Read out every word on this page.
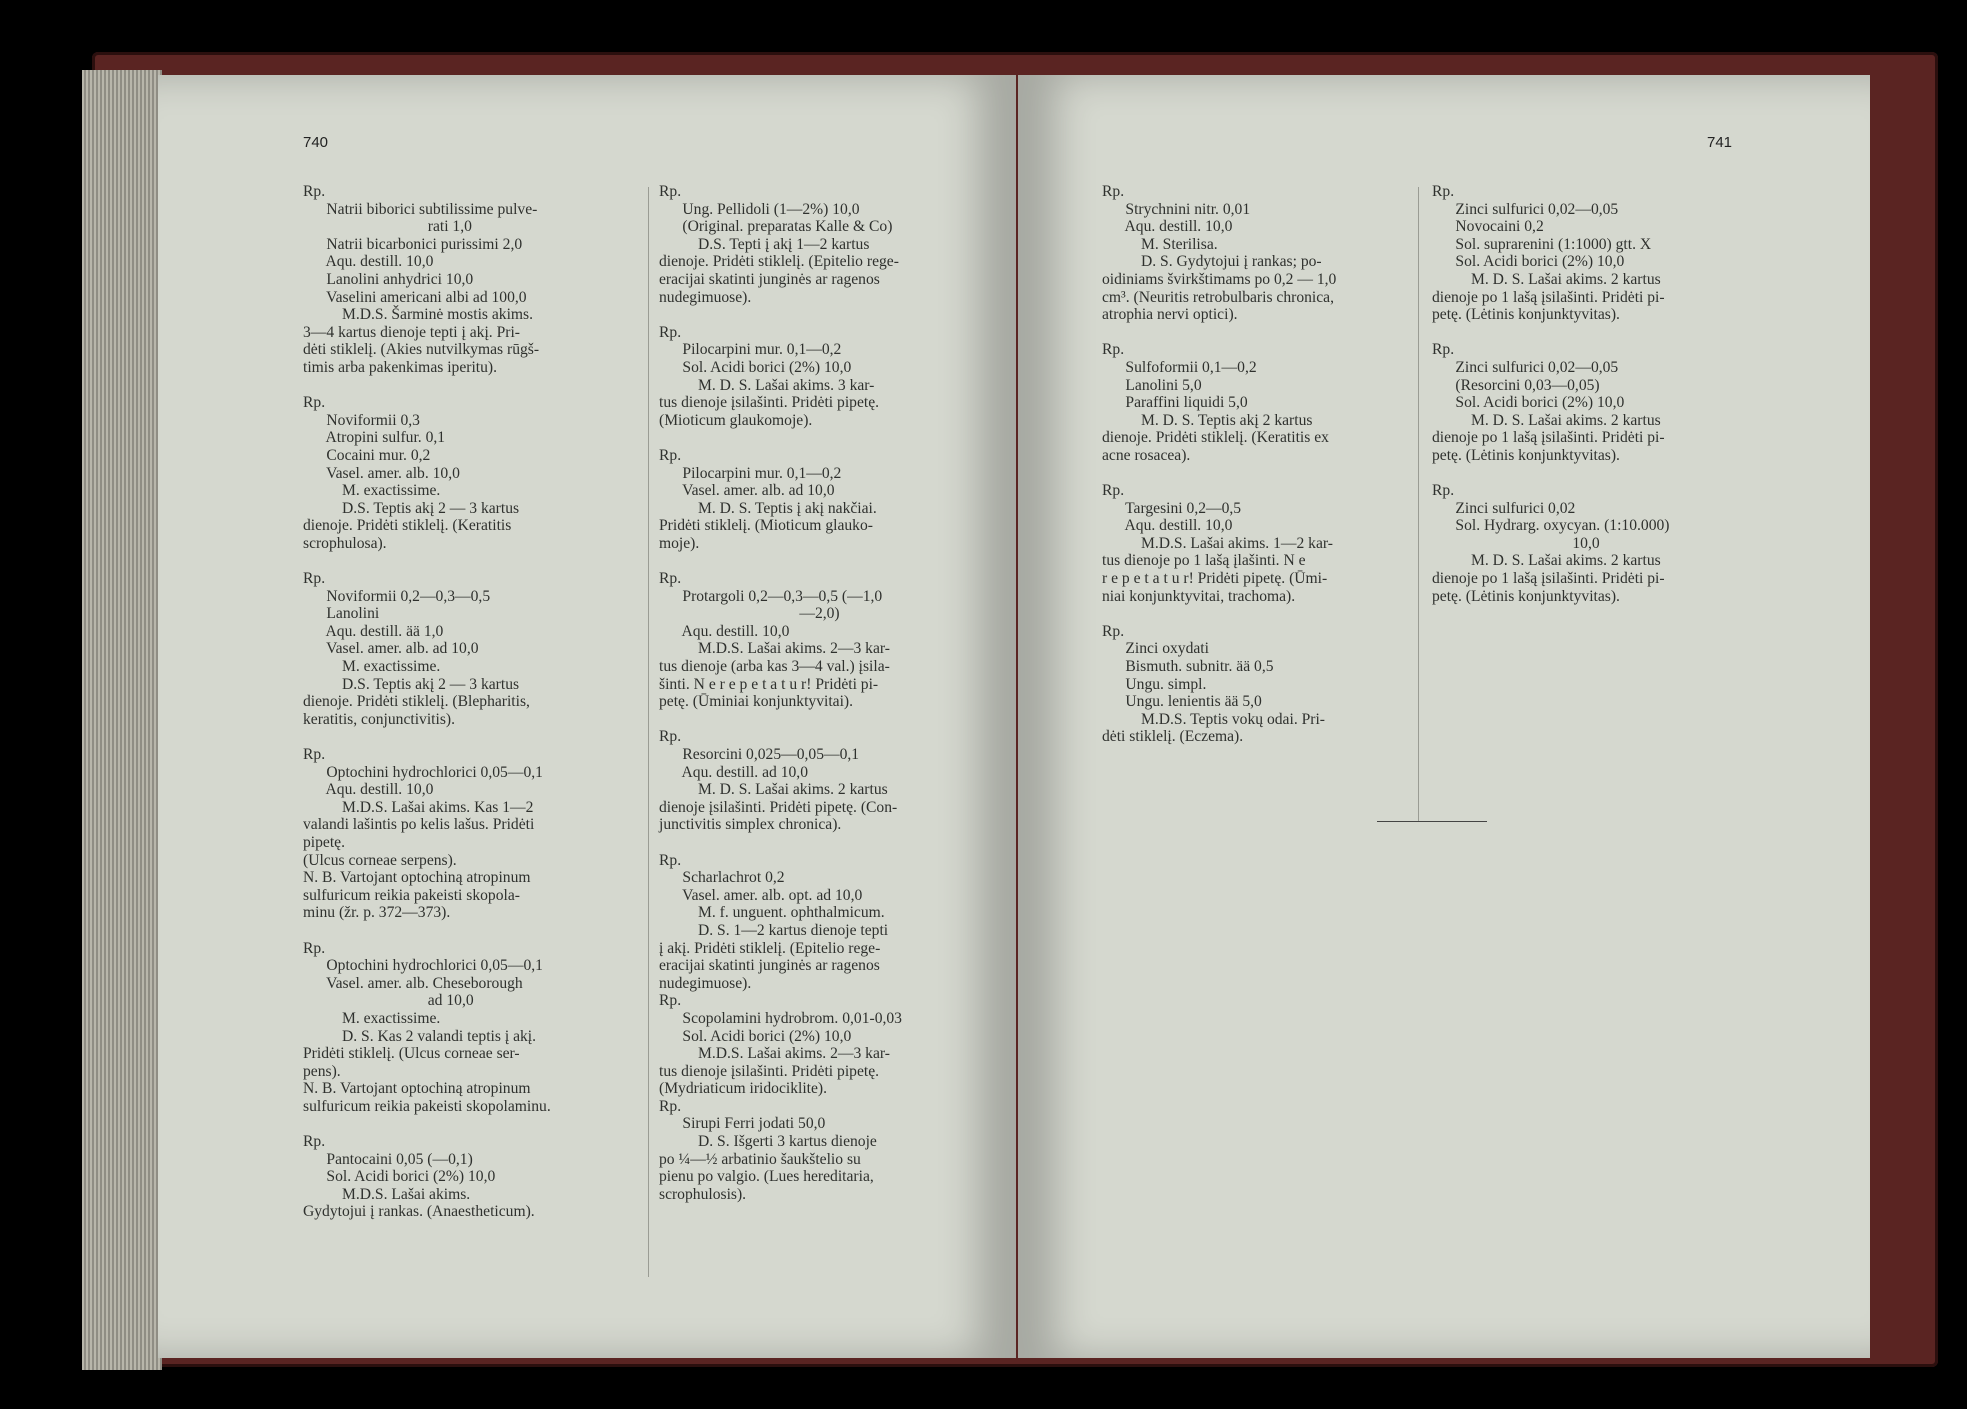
740
Rp.
Natrii biborici subtilissime pulve-
rati 1,0
Natrii bicarbonici purissimi 2,0
Aqu. destill. 10,0
Lanolini anhydrici 10,0
Vaselini americani albi ad 100,0
M.D.S. Šarminė mostis akims.
3—4 kartus dienoje tepti į akį. Pri-
dėti stiklelį. (Akies nutvilkymas rūgš-
timis arba pakenkimas iperitu).

Rp.
Noviformii 0,3
Atropini sulfur. 0,1
Cocaini mur. 0,2
Vasel. amer. alb. 10,0
M. exactissime.
D.S. Teptis akį 2 — 3 kartus
dienoje. Pridėti stiklelį. (Keratitis
scrophulosa).

Rp.
Noviformii 0,2—0,3—0,5
Lanolini
Aqu. destill. ää 1,0
Vasel. amer. alb. ad 10,0
M. exactissime.
D.S. Teptis akį 2 — 3 kartus
dienoje. Pridėti stiklelį. (Blepharitis,
keratitis, conjunctivitis).

Rp.
Optochini hydrochlorici 0,05—0,1
Aqu. destill. 10,0
M.D.S. Lašai akims. Kas 1—2
valandi lašintis po kelis lašus. Pridėti
pipetę.
(Ulcus corneae serpens).
N. B. Vartojant optochiną atropinum
sulfuricum reikia pakeisti skopola-
minu (žr. p. 372—373).

Rp.
Optochini hydrochlorici 0,05—0,1
Vasel. amer. alb. Cheseborough
ad 10,0
M. exactissime.
D. S. Kas 2 valandi teptis į akį.
Pridėti stiklelį. (Ulcus corneae ser-
pens).
N. B. Vartojant optochiną atropinum
sulfuricum reikia pakeisti skopolaminu.

Rp.
Pantocaini 0,05 (—0,1)
Sol. Acidi borici (2%) 10,0
M.D.S. Lašai akims.
Gydytojui į rankas. (Anaestheticum).
Rp.
Ung. Pellidoli (1—2%) 10,0
(Original. preparatas Kalle & Co)
D.S. Tepti į akį 1—2 kartus
dienoje. Pridėti stiklelį. (Epitelio rege-
eracijai skatinti junginės ar ragenos
nudegimuose).

Rp.
Pilocarpini mur. 0,1—0,2
Sol. Acidi borici (2%) 10,0
M. D. S. Lašai akims. 3 kar-
tus dienoje įsilašinti. Pridėti pipetę.
(Mioticum glaukomoje).

Rp.
Pilocarpini mur. 0,1—0,2
Vasel. amer. alb. ad 10,0
M. D. S. Teptis į akį nakčiai.
Pridėti stiklelį. (Mioticum glauko-
moje).

Rp.
Protargoli 0,2—0,3—0,5 (—1,0
—2,0)
Aqu. destill. 10,0
M.D.S. Lašai akims. 2—3 kar-
tus dienoje (arba kas 3—4 val.) įsila-
šinti. N e r e p e t a t u r! Pridėti pi-
petę. (Ūminiai konjunktyvitai).

Rp.
Resorcini 0,025—0,05—0,1
Aqu. destill. ad 10,0
M. D. S. Lašai akims. 2 kartus
dienoje įsilašinti. Pridėti pipetę. (Con-
junctivitis simplex chronica).

Rp.
Scharlachrot 0,2
Vasel. amer. alb. opt. ad 10,0
M. f. unguent. ophthalmicum.
D. S. 1—2 kartus dienoje tepti
į akį. Pridėti stiklelį. (Epitelio rege-
eracijai skatinti junginės ar ragenos
nudegimuose).
Rp.
Scopolamini hydrobrom. 0,01-0,03
Sol. Acidi borici (2%) 10,0
M.D.S. Lašai akims. 2—3 kar-
tus dienoje įsilašinti. Pridėti pipetę.
(Mydriaticum iridociklite).
Rp.
Sirupi Ferri jodati 50,0
D. S. Išgerti 3 kartus dienoje
po ¼—½ arbatinio šaukštelio su
pienu po valgio. (Lues hereditaria,
scrophulosis).
741
Rp.
Strychnini nitr. 0,01
Aqu. destill. 10,0
M. Sterilisa.
D. S. Gydytojui į rankas; po-
oidiniams švirkštimams po 0,2 — 1,0
cm³. (Neuritis retrobulbaris chronica,
atrophia nervi optici).

Rp.
Sulfoformii 0,1—0,2
Lanolini 5,0
Paraffini liquidi 5,0
M. D. S. Teptis akį 2 kartus
dienoje. Pridėti stiklelį. (Keratitis ex
acne rosacea).

Rp.
Targesini 0,2—0,5
Aqu. destill. 10,0
M.D.S. Lašai akims. 1—2 kar-
tus dienoje po 1 lašą įlašinti. N e
r e p e t a t u r! Pridėti pipetę. (Ūmi-
niai konjunktyvitai, trachoma).

Rp.
Zinci oxydati
Bismuth. subnitr. ää 0,5
Ungu. simpl.
Ungu. lenientis ää 5,0
M.D.S. Teptis vokų odai. Pri-
dėti stiklelį. (Eczema).
Rp.
Zinci sulfurici 0,02—0,05
Novocaini 0,2
Sol. suprarenini (1:1000) gtt. X
Sol. Acidi borici (2%) 10,0
M. D. S. Lašai akims. 2 kartus
dienoje po 1 lašą įsilašinti. Pridėti pi-
petę. (Lėtinis konjunktyvitas).

Rp.
Zinci sulfurici 0,02—0,05
(Resorcini 0,03—0,05)
Sol. Acidi borici (2%) 10,0
M. D. S. Lašai akims. 2 kartus
dienoje po 1 lašą įsilašinti. Pridėti pi-
petę. (Lėtinis konjunktyvitas).

Rp.
Zinci sulfurici 0,02
Sol. Hydrarg. oxycyan. (1:10.000)
10,0
M. D. S. Lašai akims. 2 kartus
dienoje po 1 lašą įsilašinti. Pridėti pi-
petę. (Lėtinis konjunktyvitas).
